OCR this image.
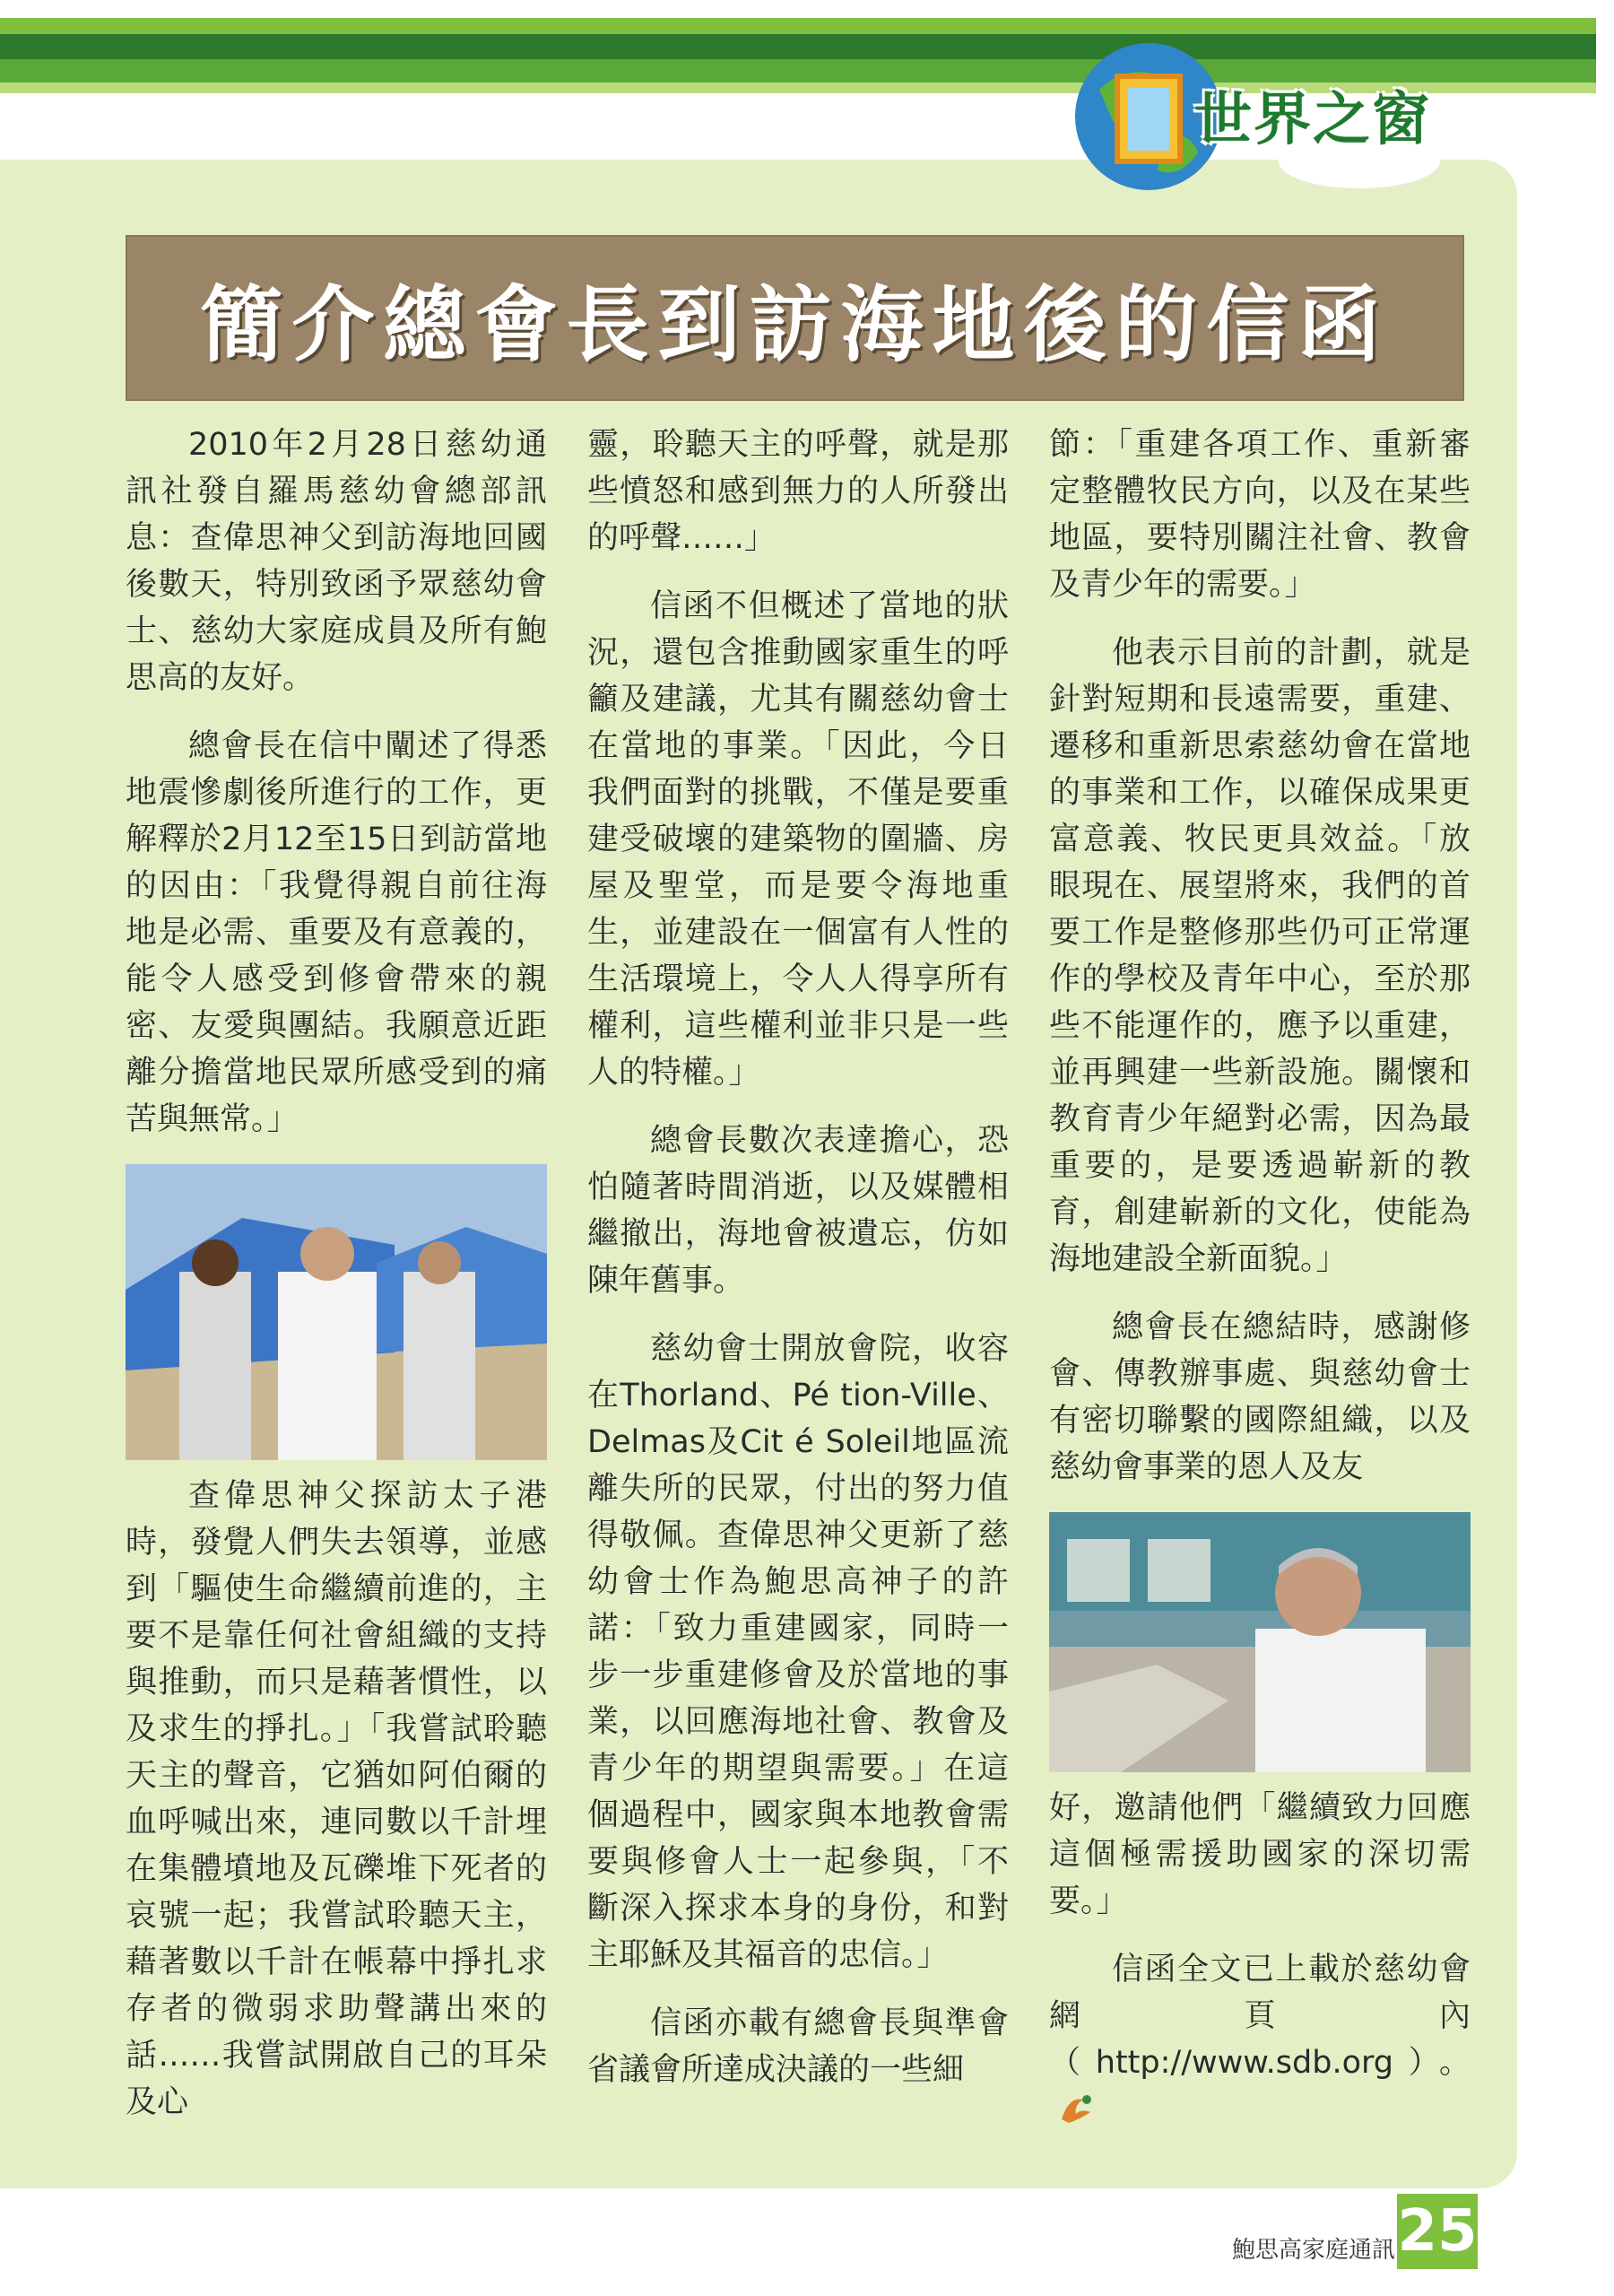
世界之窗
簡介總會長到訪海地後的信函

2010年2月28日慈幼通訊社發自羅馬慈幼會總部訊息：查偉思神父到訪海地回國後數天，特別致函予眾慈幼會士、慈幼大家庭成員及所有鮑思高的友好。

總會長在信中闡述了得悉地震慘劇後所進行的工作，更解釋於2月12至15日到訪當地的因由：「我覺得親自前往海地是必需、重要及有意義的，能令人感受到修會帶來的親密、友愛與團結。我願意近距離分擔當地民眾所感受到的痛苦與無常。」

查偉思神父探訪太子港時，發覺人們失去領導，並感到「驅使生命繼續前進的，主要不是靠任何社會組織的支持與推動，而只是藉著慣性，以及求生的掙扎。」「我嘗試聆聽天主的聲音，它猶如阿伯爾的血呼喊出來，連同數以千計埋在集體墳地及瓦礫堆下死者的哀號一起；我嘗試聆聽天主，藉著數以千計在帳幕中掙扎求存者的微弱求助聲講出來的話……我嘗試開啟自己的耳朵及心

靈，聆聽天主的呼聲，就是那些憤怒和感到無力的人所發出的呼聲……」

信函不但概述了當地的狀況，還包含推動國家重生的呼籲及建議，尤其有關慈幼會士在當地的事業。「因此，今日我們面對的挑戰，不僅是要重建受破壞的建築物的圍牆、房屋及聖堂，而是要令海地重生，並建設在一個富有人性的生活環境上，令人人得享所有權利，這些權利並非只是一些人的特權。」

總會長數次表達擔心，恐怕隨著時間消逝，以及媒體相繼撤出，海地會被遺忘，仿如陳年舊事。

慈幼會士開放會院，收容在Thorland、Pé tion-Ville、Delmas及Cit é Soleil地區流離失所的民眾，付出的努力值得敬佩。查偉思神父更新了慈幼會士作為鮑思高神子的許諾：「致力重建國家，同時一步一步重建修會及於當地的事業，以回應海地社會、教會及青少年的期望與需要。」在這個過程中，國家與本地教會需要與修會人士一起參與，「不斷深入探求本身的身份，和對主耶穌及其福音的忠信。」

信函亦載有總會長與準會省議會所達成決議的一些細

節：「重建各項工作、重新審定整體牧民方向，以及在某些地區，要特別關注社會、教會及青少年的需要。」

他表示目前的計劃，就是針對短期和長遠需要，重建、遷移和重新思索慈幼會在當地的事業和工作，以確保成果更富意義、牧民更具效益。「放眼現在、展望將來，我們的首要工作是整修那些仍可正常運作的學校及青年中心，至於那些不能運作的，應予以重建，並再興建一些新設施。關懷和教育青少年絕對必需，因為最重要的，是要透過嶄新的教育，創建嶄新的文化，使能為海地建設全新面貌。」

總會長在總結時，感謝修會、傳教辦事處、與慈幼會士有密切聯繫的國際組織，以及慈幼會事業的恩人及友

好，邀請他們「繼續致力回應這個極需援助國家的深切需要。」

信函全文已上載於慈幼會網頁內（http://www.sdb.org）。

鮑思高家庭通訊 25
